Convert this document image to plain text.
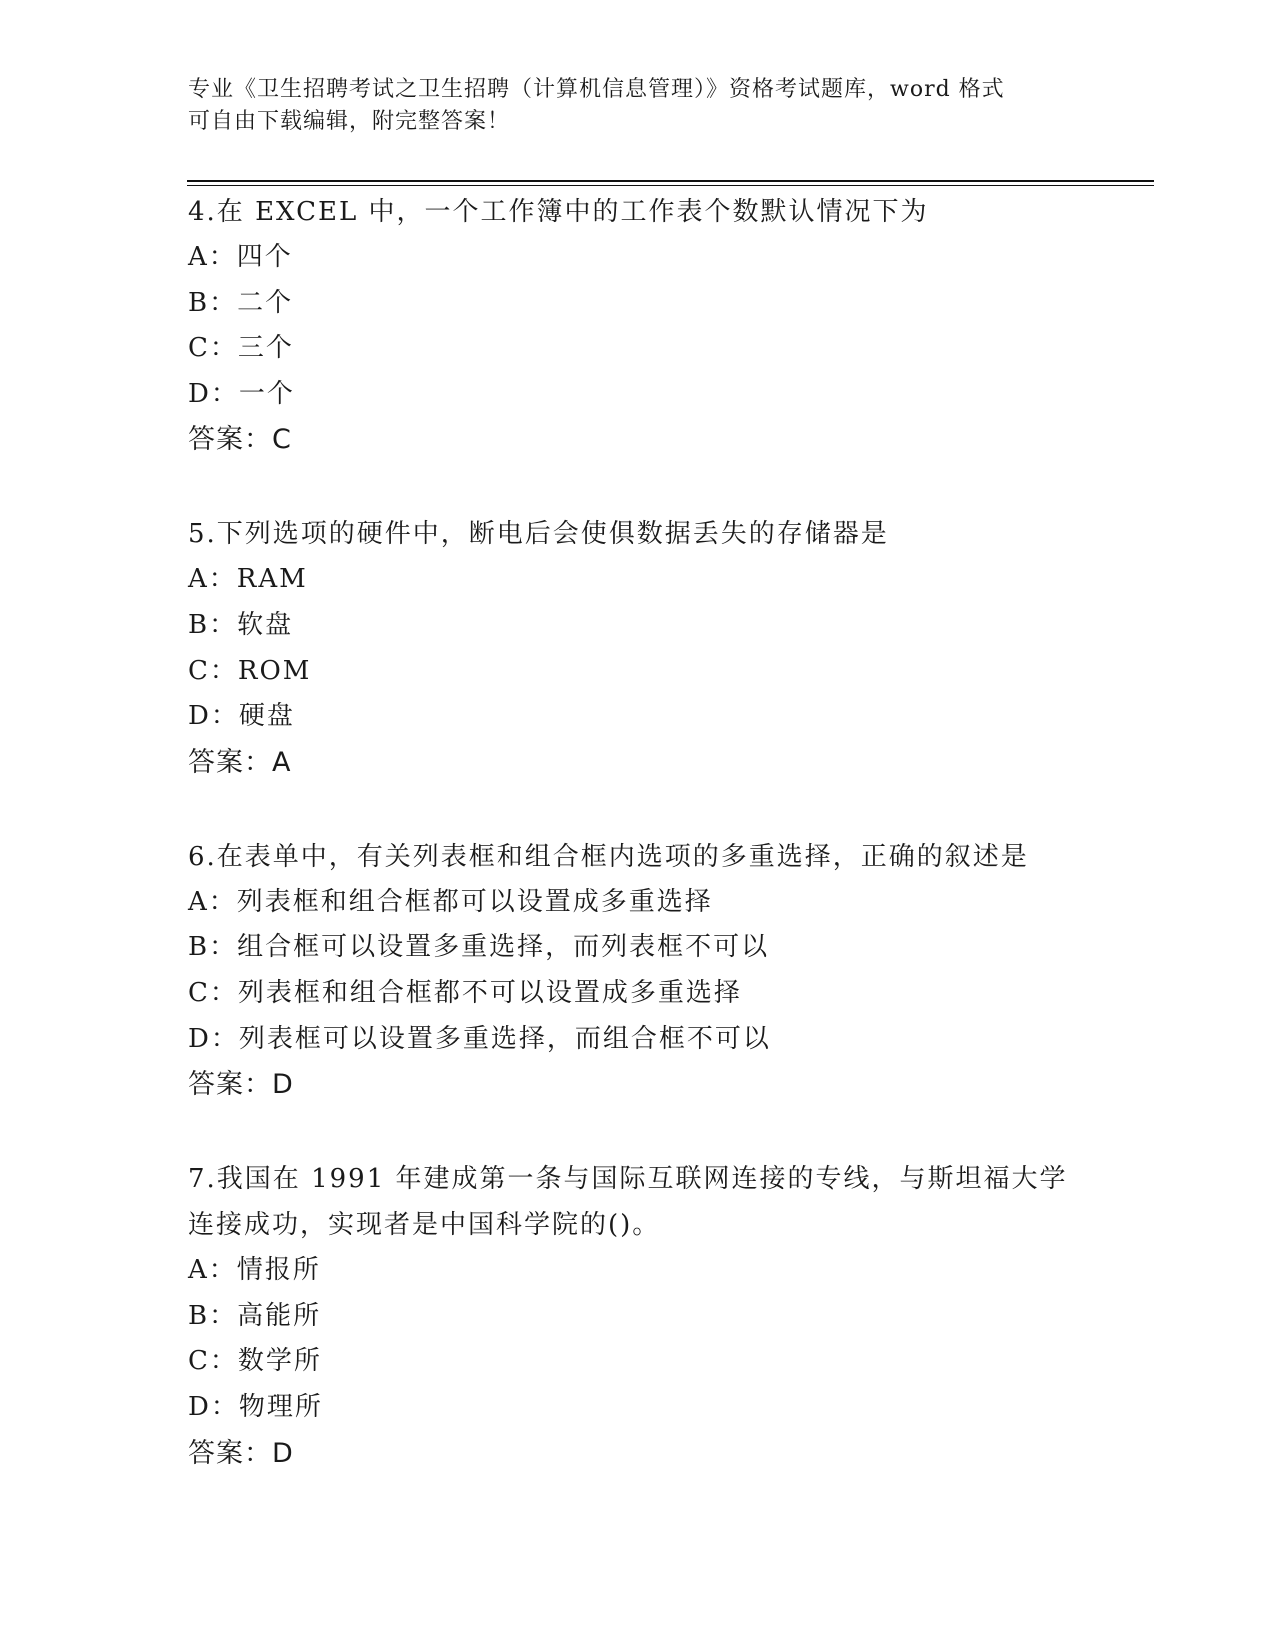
专业《卫生招聘考试之卫生招聘（计算机信息管理）》资格考试题库，word 格式
可自由下载编辑，附完整答案！

4.在 EXCEL 中，一个工作簿中的工作表个数默认情况下为

A：四个

B：二个

C：三个

D：一个

答案：C

5.下列选项的硬件中，断电后会使俱数据丢失的存储器是

A：RAM

B：软盘

C：ROM

D：硬盘

答案：A

6.在表单中，有关列表框和组合框内选项的多重选择，正确的叙述是

A：列表框和组合框都可以设置成多重选择

B：组合框可以设置多重选择，而列表框不可以

C：列表框和组合框都不可以设置成多重选择

D：列表框可以设置多重选择，而组合框不可以

答案：D

7.我国在 1991 年建成第一条与国际互联网连接的专线，与斯坦福大学

连接成功，实现者是中国科学院的()。

A：情报所

B：高能所

C：数学所

D：物理所

答案：D
